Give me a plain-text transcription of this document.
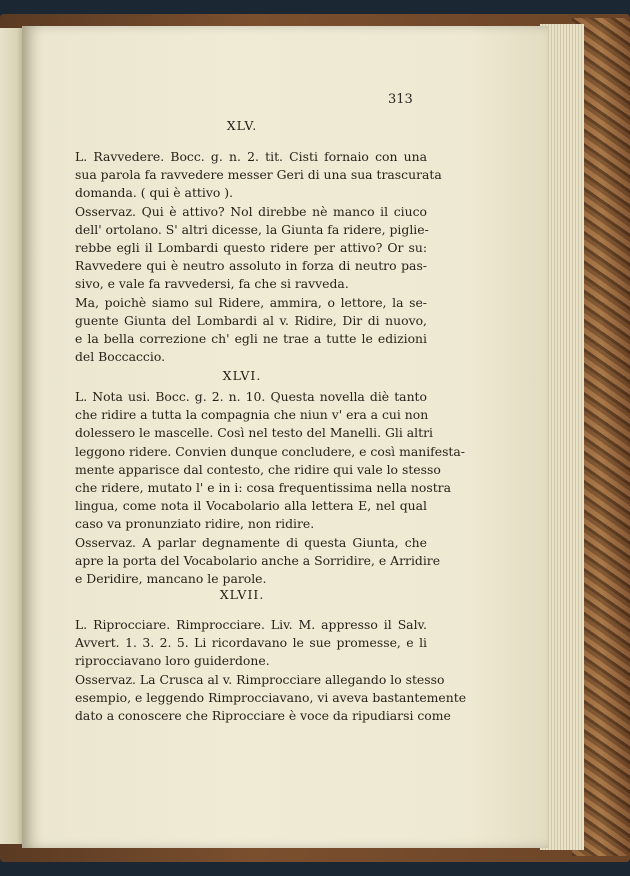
313
XLV.

L. Ravvedere. Bocc. g. n. 2. tit. Cisti fornaio con una
sua parola fa ravvedere messer Geri di una sua trascurata
domanda. ( qui è attivo ).

Osservaz. Qui è attivo? Nol direbbe nè manco il ciuco
dell' ortolano. S' altri dicesse, la Giunta fa ridere, piglie-
rebbe egli il Lombardi questo ridere per attivo? Or su:
Ravvedere qui è neutro assoluto in forza di neutro pas-
sivo, e vale fa ravvedersi, fa che si ravveda.

Ma, poichè siamo sul Ridere, ammira, o lettore, la se-
guente Giunta del Lombardi al v. Ridire, Dir di nuovo,
e la bella correzione ch' egli ne trae a tutte le edizioni
del Boccaccio.

XLVI.

L. Nota usi. Bocc. g. 2. n. 10. Questa novella diè tanto
che ridire a tutta la compagnia che niun v' era a cui non
dolessero le mascelle. Così nel testo del Manelli. Gli altri
leggono ridere. Convien dunque concludere, e così manifesta-
mente apparisce dal contesto, che ridire qui vale lo stesso
che ridere, mutato l' e in i: cosa frequentissima nella nostra
lingua, come nota il Vocabolario alla lettera E, nel qual
caso va pronunziato ridire, non ridire.

Osservaz. A parlar degnamente di questa Giunta, che
apre la porta del Vocabolario anche a Sorridire, e Arridire
e Deridire, mancano le parole.

XLVII.

L. Riprocciare. Rimprocciare. Liv. M. appresso il Salv.
Avvert. 1. 3. 2. 5. Li ricordavano le sue promesse, e li
riprocciavano loro guiderdone.

Osservaz. La Crusca al v. Rimprocciare allegando lo stesso
esempio, e leggendo Rimprocciavano, vi aveva bastantemente
dato a conoscere che Riprocciare è voce da ripudiarsi come
